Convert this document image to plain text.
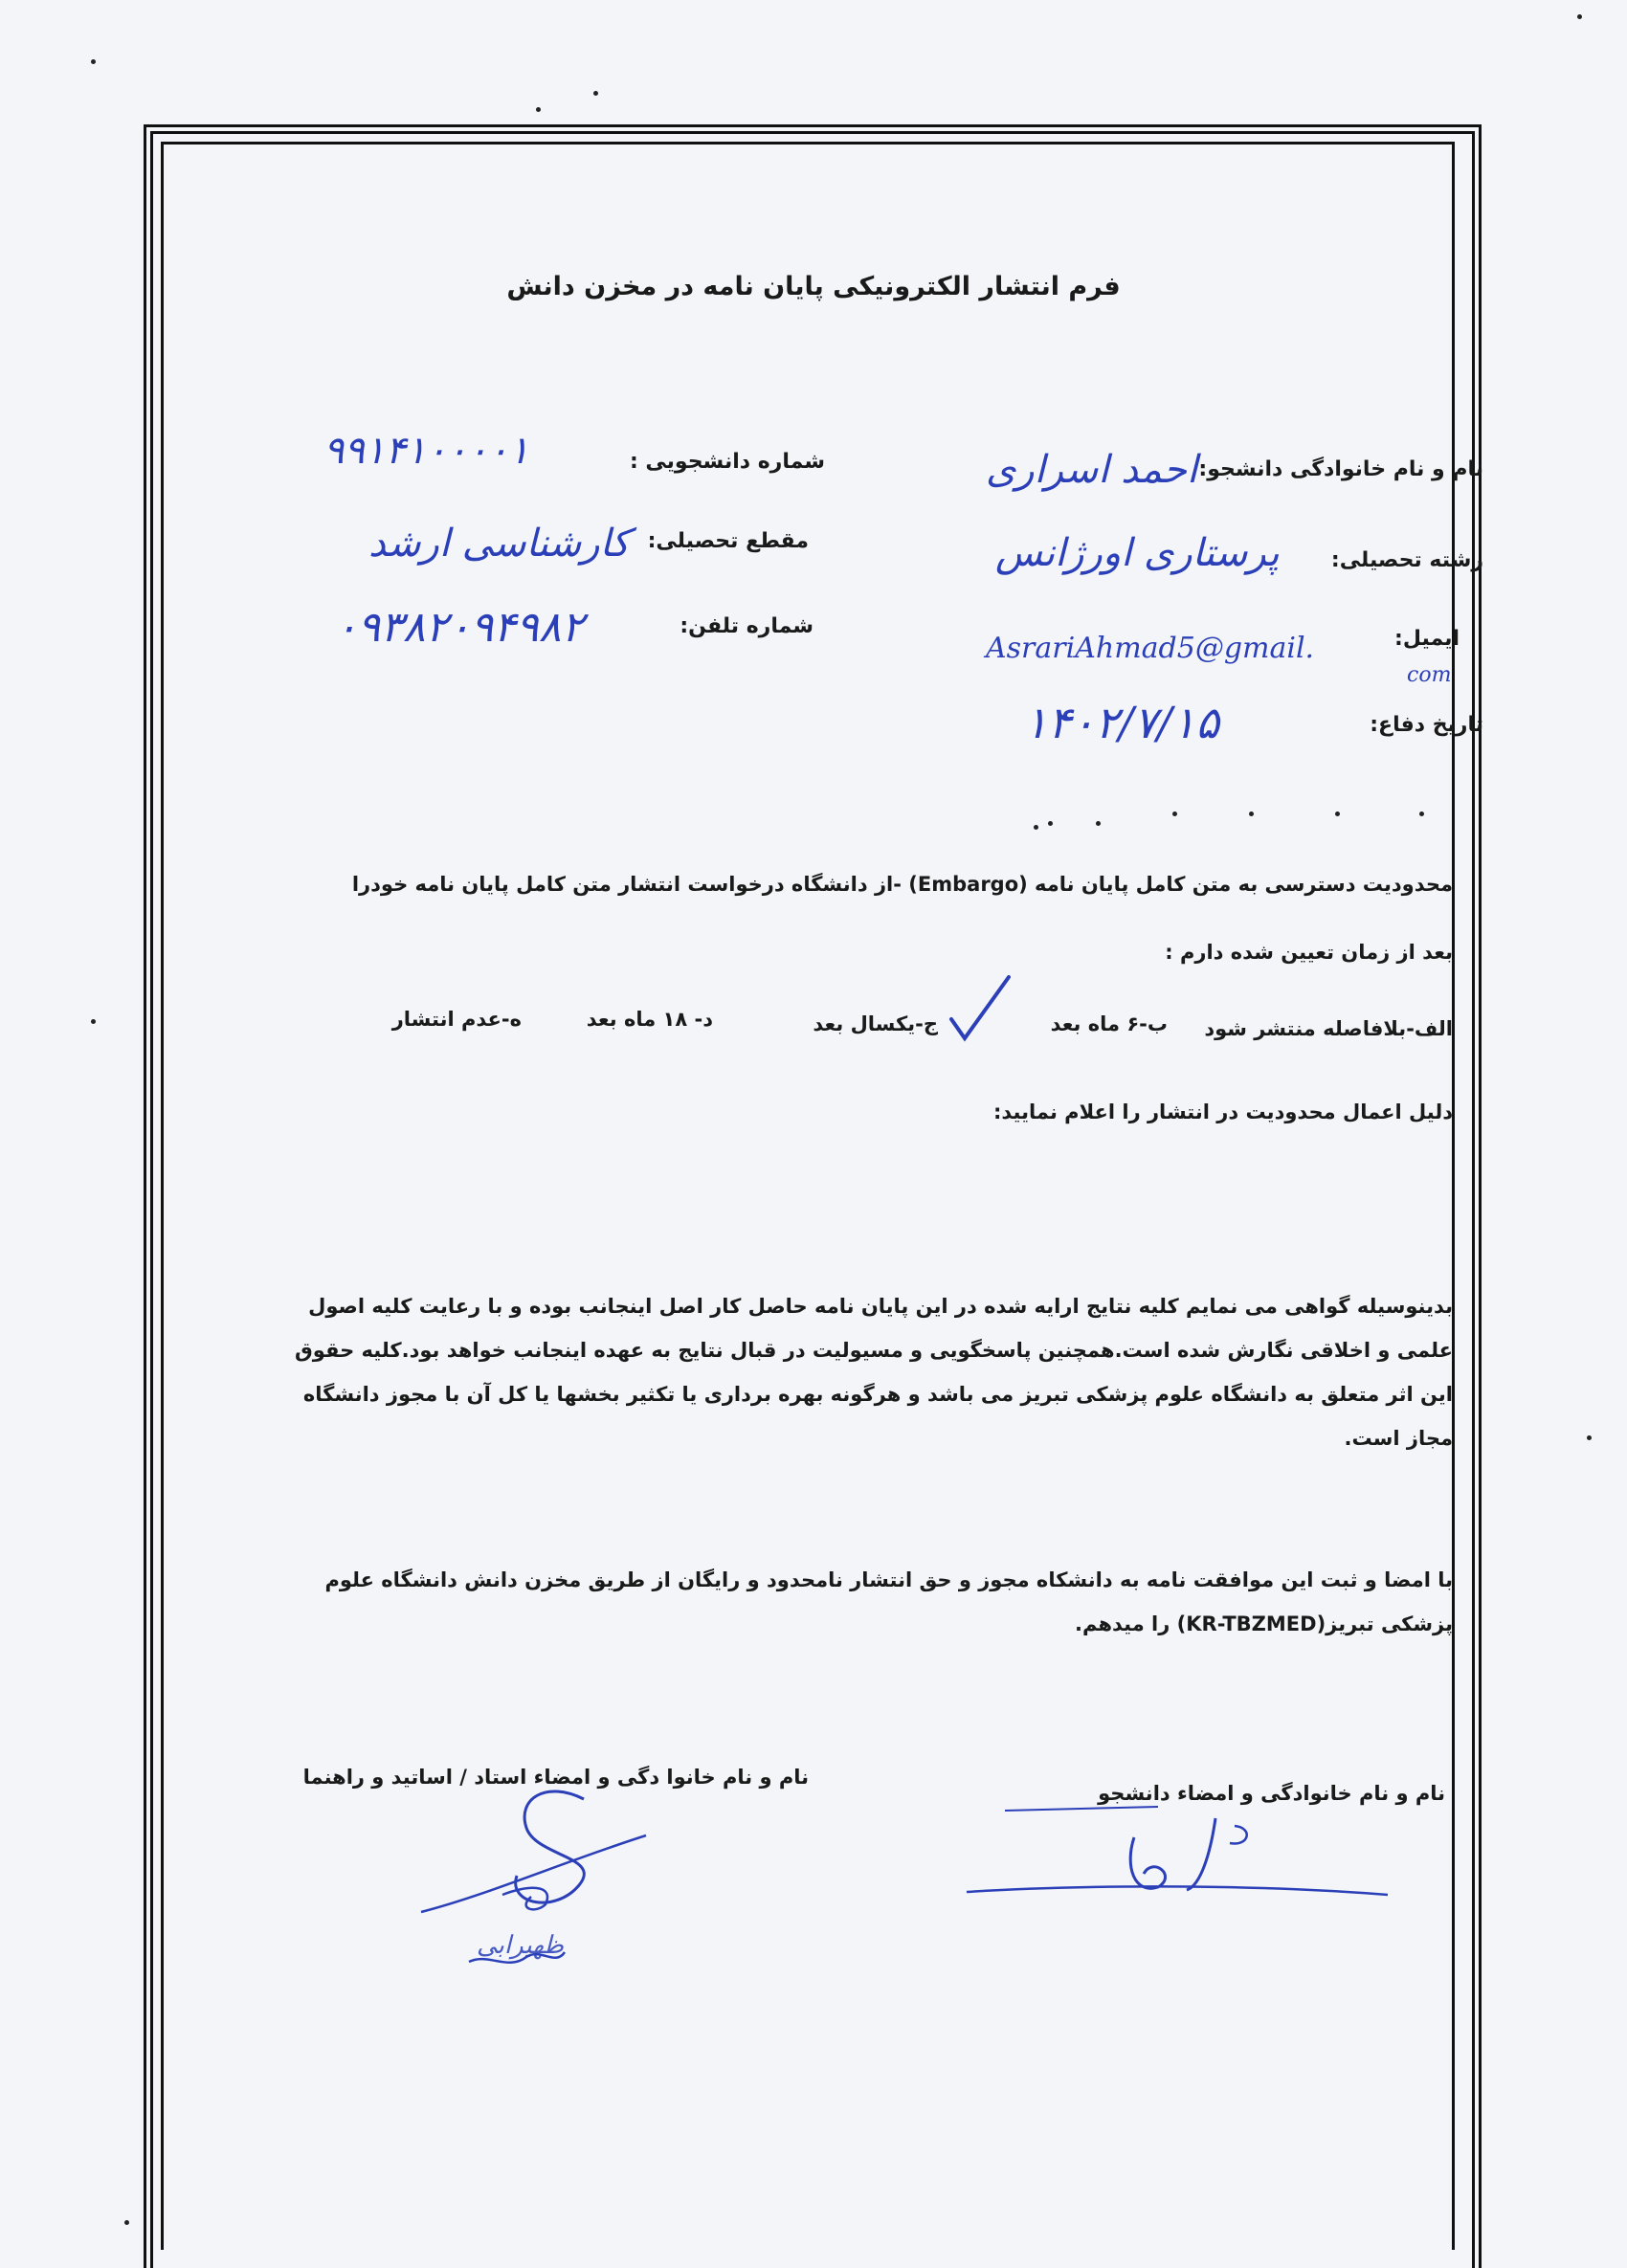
فرم انتشار الکترونیکی پایان نامه در مخزن دانش
نام و نام خانوادگی دانشجو:
احمد اسراری
شماره دانشجویی :
۹۹۱۴۱۰۰۰۰۱
رشته تحصیلی:
پرستاری اورژانس
مقطع تحصیلی:
کارشناسی ارشد
ایمیل:
AsrariAhmad5@gmail.
com
شماره تلفن:
۰۹۳۸۲۰۹۴۹۸۲
تاریخ دفاع:
۱۴۰۲/۷/۱۵
محدودیت دسترسی به متن کامل پایان نامه (Embargo) -از دانشگاه درخواست انتشار متن کامل پایان نامه خودرا
بعد از زمان تعیین شده دارم :
الف-بلافاصله منتشر شود
ب-۶ ماه بعد
ج-یکسال بعد
د- ۱۸ ماه بعد
ه-عدم انتشار
دلیل اعمال محدودیت در انتشار را اعلام نمایید:
بدینوسیله گواهی می نمایم کلیه نتایج ارایه شده در این پایان نامه حاصل کار اصل اینجانب بوده و با رعایت کلیه اصول علمی و اخلاقی نگارش شده است.همچنین پاسخگویی و مسیولیت در قبال نتایج به عهده اینجانب خواهد بود.کلیه حقوق این اثر متعلق به دانشگاه علوم پزشکی تبریز می باشد و هرگونه بهره برداری یا تکثیر بخشها یا کل آن با مجوز دانشگاه مجاز است.
با امضا و ثبت این موافقت نامه به دانشکاه مجوز و حق انتشار نامحدود و رایگان از طریق مخزن دانش دانشگاه علوم پزشکی تبریز(KR-TBZMED) را میدهم.
نام و نام خانوادگی و امضاء دانشجو
نام و نام خانوا دگی و امضاء استاد / اساتید و راهنما
ظهیرابی
